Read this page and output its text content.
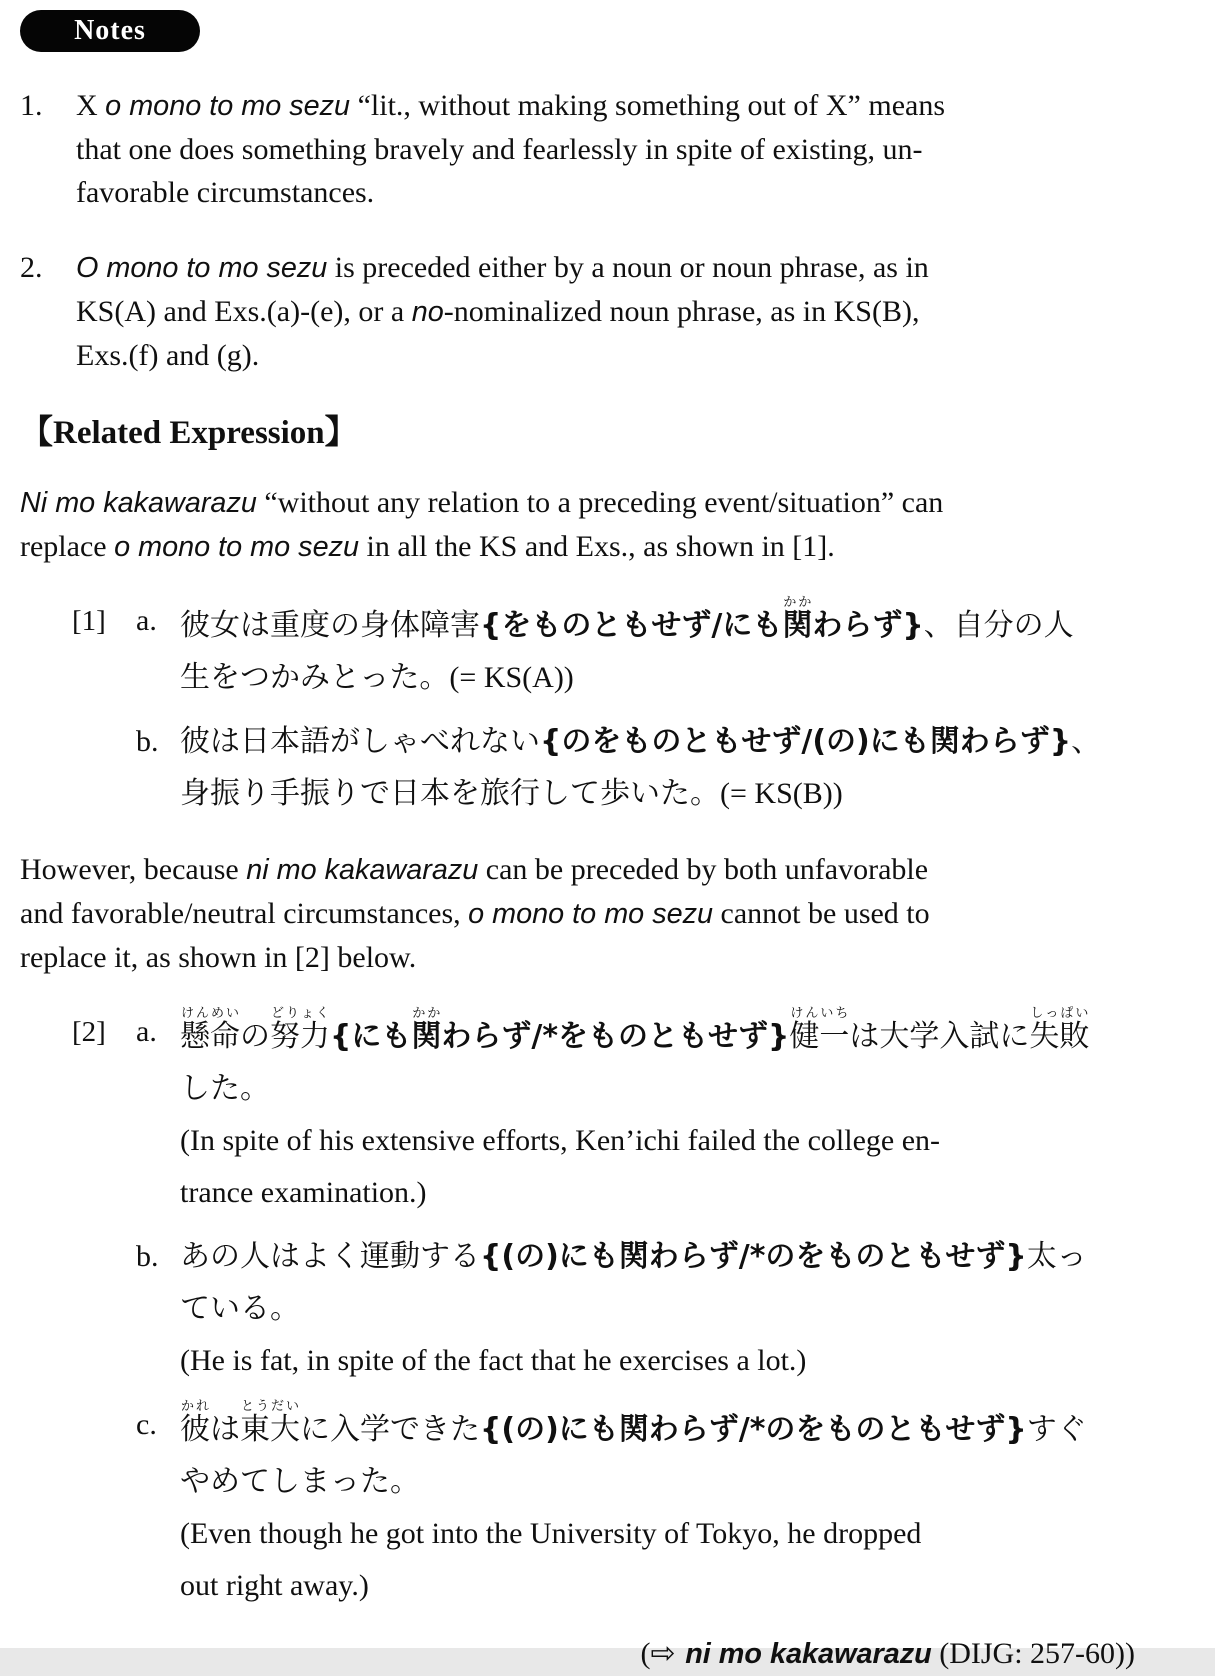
Notes
1.	X o mono to mo sezu “lit., without making something out of X” means
that one does something bravely and fearlessly in spite of existing, un-
favorable circumstances.
2.	O mono to mo sezu is preceded either by a noun or noun phrase, as in
KS(A) and Exs.(a)-(e), or a no-nominalized noun phrase, as in KS(B),
Exs.(f) and (g).
【Related Expression】
Ni mo kakawarazu “without any relation to a preceding event/situation” can
replace o mono to mo sezu in all the KS and Exs., as shown in [1].
[1]	a. 彼女は重度の身体障害{をものともせず/にも関かかわらず}、自分の人
生をつかみとった。(= KS(A))
b. 彼は日本語がしゃべれない{のをものともせず/(の)にも関わらず}、
身振り手振りで日本を旅行して歩いた。(= KS(B))
However, because ni mo kakawarazu can be preceded by both unfavorable
and favorable/neutral circumstances, o mono to mo sezu cannot be used to
replace it, as shown in [2] below.
[2]	a. 懸命けんめいの努力どりょく{にも関かかわらず/*をものともせず}健一けんいちは大学入試に失敗しっぱい
した。
(In spite of his extensive efforts, Ken’ichi failed the college en-
trance examination.)
b. あの人はよく運動する{(の)にも関わらず/*のをものともせず}太っ
ている。
(He is fat, in spite of the fact that he exercises a lot.)
c. 彼かれは東大とうだいに入学できた{(の)にも関わらず/*のをものともせず}すぐ
やめてしまった。
(Even though he got into the University of Tokyo, he dropped
out right away.)
(⇨ ni mo kakawarazu (DIJG: 257-60))
